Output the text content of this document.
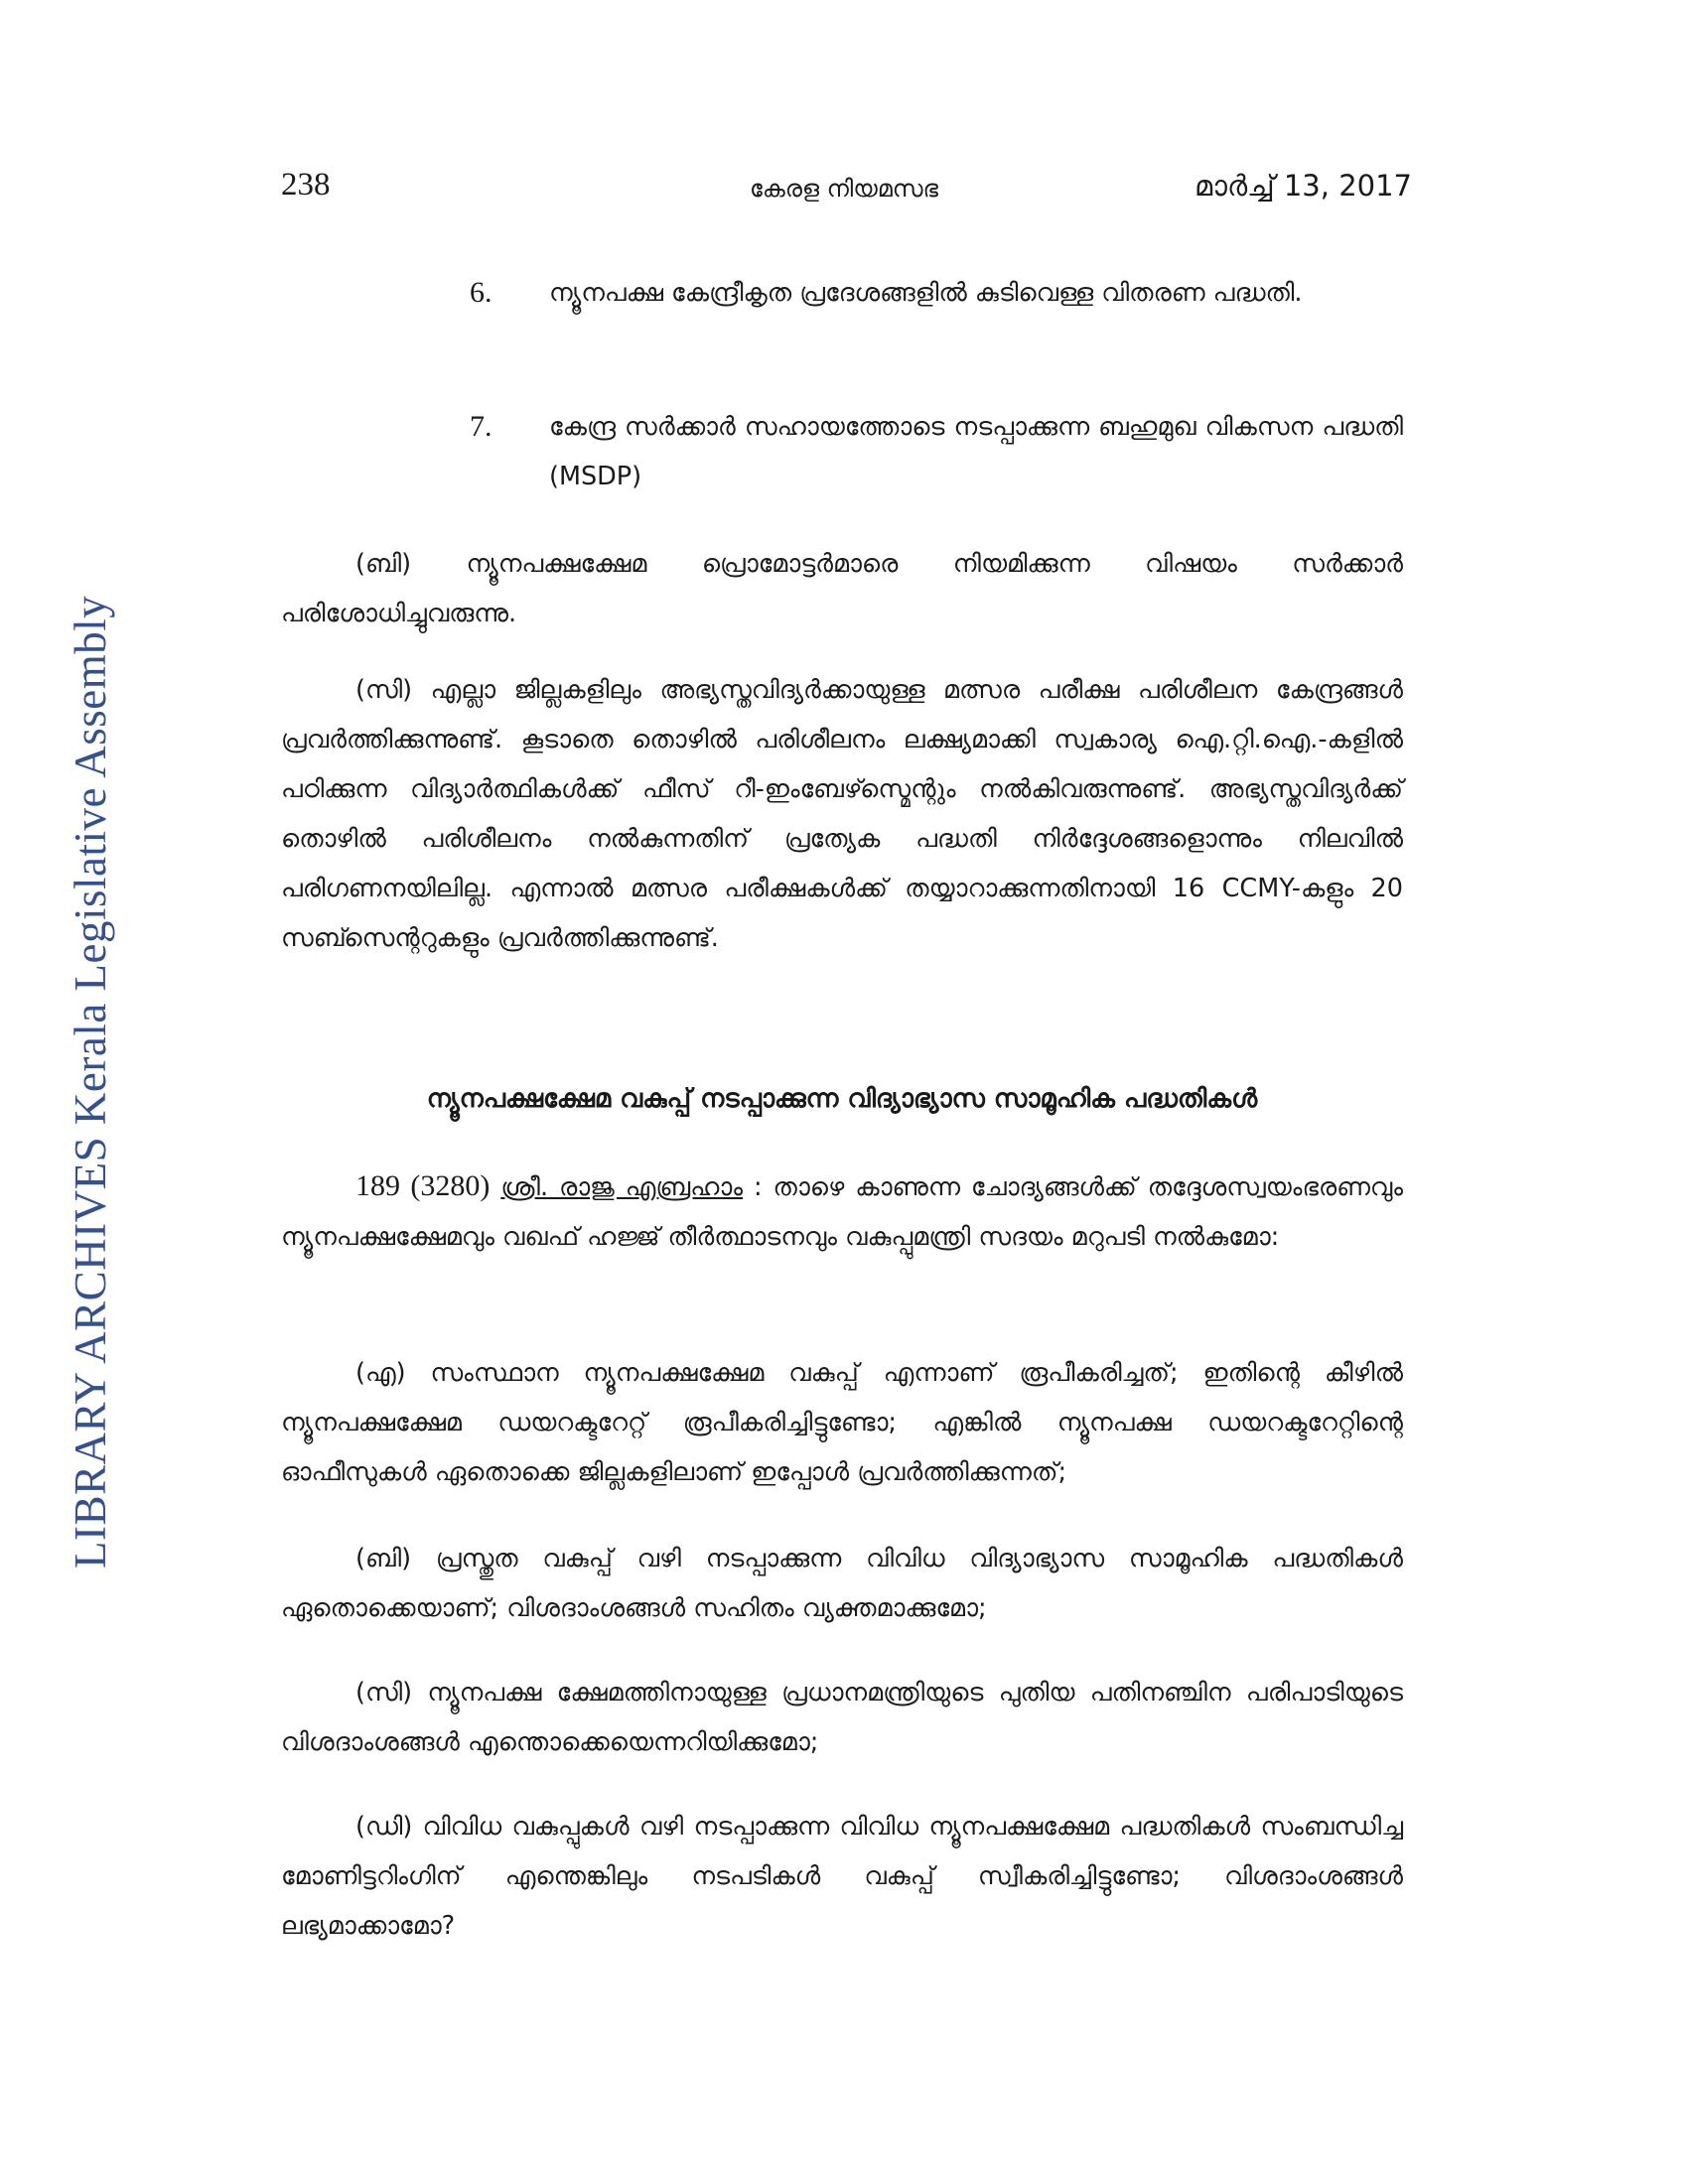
238	കേരള നിയമസഭ	മാർച്ച് 13, 2017
LIBRARY ARCHIVES Kerala Legislative Assembly
6. ന്യൂനപക്ഷ കേന്ദ്രീകൃത പ്രദേശങ്ങളിൽ കുടിവെള്ള വിതരണ പദ്ധതി.
7. കേന്ദ്ര സർക്കാർ സഹായത്തോടെ നടപ്പാക്കുന്ന ബഹുമുഖ വികസന പദ്ധതി (MSDP)

(ബി) ന്യൂനപക്ഷക്ഷേമ പ്രൊമോട്ടർമാരെ നിയമിക്കുന്ന വിഷയം സർക്കാർ പരിശോധിച്ചുവരുന്നു.

(സി) എല്ലാ ജില്ലകളിലും അഭ്യസ്തവിദ്യർക്കായുള്ള മത്സര പരീക്ഷ പരിശീലന കേന്ദ്രങ്ങൾ പ്രവർത്തിക്കുന്നുണ്ട്. കൂടാതെ തൊഴിൽ പരിശീലനം ലക്ഷ്യമാക്കി സ്വകാര്യ ഐ.റ്റി.ഐ.-കളിൽ പഠിക്കുന്ന വിദ്യാർത്ഥികൾക്ക് ഫീസ് റീ-ഇംബേഴ്സ്മെന്റും നൽകിവരുന്നുണ്ട്. അഭ്യസ്തവിദ്യർക്ക് തൊഴിൽ പരിശീലനം നൽകുന്നതിന് പ്രത്യേക പദ്ധതി നിർദ്ദേശങ്ങളൊന്നും നിലവിൽ പരിഗണനയിലില്ല. എന്നാൽ മത്സര പരീക്ഷകൾക്ക് തയ്യാറാക്കുന്നതിനായി 16 CCMY-കളും 20 സബ്സെന്ററുകളും പ്രവർത്തിക്കുന്നുണ്ട്.

ന്യൂനപക്ഷക്ഷേമ വകുപ്പ് നടപ്പാക്കുന്ന വിദ്യാഭ്യാസ സാമൂഹിക പദ്ധതികൾ

189 (3280) ശ്രീ. രാജു എബ്രഹാം : താഴെ കാണുന്ന ചോദ്യങ്ങൾക്ക് തദ്ദേശസ്വയംഭരണവും ന്യൂനപക്ഷക്ഷേമവും വഖഫ് ഹജ്ജ് തീർത്ഥാടനവും വകുപ്പുമന്ത്രി സദയം മറുപടി നൽകുമോ:

(എ) സംസ്ഥാന ന്യൂനപക്ഷക്ഷേമ വകുപ്പ് എന്നാണ് രൂപീകരിച്ചത്; ഇതിന്റെ കീഴിൽ ന്യൂനപക്ഷക്ഷേമ ഡയറക്ടറേറ്റ് രൂപീകരിച്ചിട്ടുണ്ടോ; എങ്കിൽ ന്യൂനപക്ഷ ഡയറക്ടറേറ്റിന്റെ ഓഫീസുകൾ ഏതൊക്കെ ജില്ലകളിലാണ് ഇപ്പോൾ പ്രവർത്തിക്കുന്നത്;

(ബി) പ്രസ്തുത വകുപ്പ് വഴി നടപ്പാക്കുന്ന വിവിധ വിദ്യാഭ്യാസ സാമൂഹിക പദ്ധതികൾ ഏതൊക്കെയാണ്; വിശദാംശങ്ങൾ സഹിതം വ്യക്തമാക്കുമോ;

(സി) ന്യൂനപക്ഷ ക്ഷേമത്തിനായുള്ള പ്രധാനമന്ത്രിയുടെ പുതിയ പതിനഞ്ചിന പരിപാടിയുടെ വിശദാംശങ്ങൾ എന്തൊക്കെയെന്നറിയിക്കുമോ;

(ഡി) വിവിധ വകുപ്പുകൾ വഴി നടപ്പാക്കുന്ന വിവിധ ന്യൂനപക്ഷക്ഷേമ പദ്ധതികൾ സംബന്ധിച്ച മോണിട്ടറിംഗിന് എന്തെങ്കിലും നടപടികൾ വകുപ്പ് സ്വീകരിച്ചിട്ടുണ്ടോ; വിശദാംശങ്ങൾ ലഭ്യമാക്കാമോ?
